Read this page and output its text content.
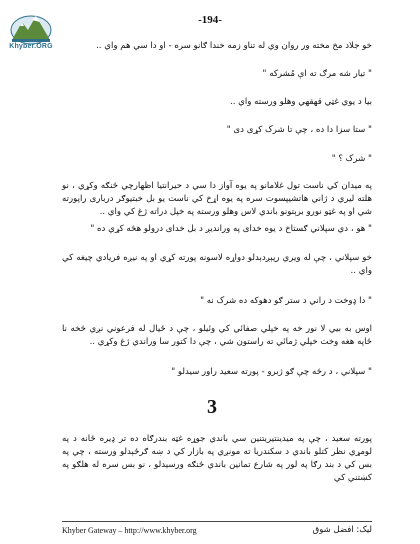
Khyber.ORG
-194-

خو جلاد مخ مخته ور روان وي له تناو زمه خندا ګانو سره - او دا سي هم واي ..

" تيار شه مرګ ته اې مُشرکه "

بيا د يوي غټي قهقهي وهلو ورسته واي ..

" ستا سزا دا ده ، چې تا شرک کړی دی "

" شرک ؟ "

په ميدان کي ناست تول غلامانو په يوه آواز دا سي د حيرانتيا اظهارچي ځنګه وکړي ، نو هلته ليري د ژاني هاتشيپسوت سره په يوه اړخ کي ناست يو بل خبتيوګر دربارى راپورته شي او په غټو نورو برېتونو باندي لاس وهلو ورسته په خپل دراته ژغ کي واي ..

" هو ، دي سپلاني ګستاخ د يوه خداى په ورانديږ د بل خداى درولو هڅه کړي ده "

خو سپلاني ، چې له ويري رپېږدېدلو دواړه لاسونه پورته کړي او په نيږه فريادي چيغه کي واي ..

" دا ډوخت د راني د ستر ګو دهوکه ده شرک نه "

اوس به بيي لا نور خه په خپلي صفائي کي وئيلو ، چې د ځيال له فرعوني نږي څخه نا ځاپه هغه وخت خپلي ژمائي ته راستون شي ، چې دا کتور سا وراندي ژغ وکړي ..

" سپلاني ، د رڅه چې ګو ژبرو - پورته سعيد راور سيدلو "

3

پورته سعيد ، چې په ميدينتيريتنين سي باندي جوړه غټه بندرګاه ده تر ډيره ځانه د په لومړي نظر کتلو باندي د سکندريا ته مونږي په بازار کي د ښه ګرځېدلو ورسته ، چي په بس کي د بند رګا په لور په شارع تمانين باندي ځنګه ورسيدلو ، نو بس سره له هلګو په کښتني کي

Khyber Gateway – http://www.khyber.org	ليک: افضل شوق
